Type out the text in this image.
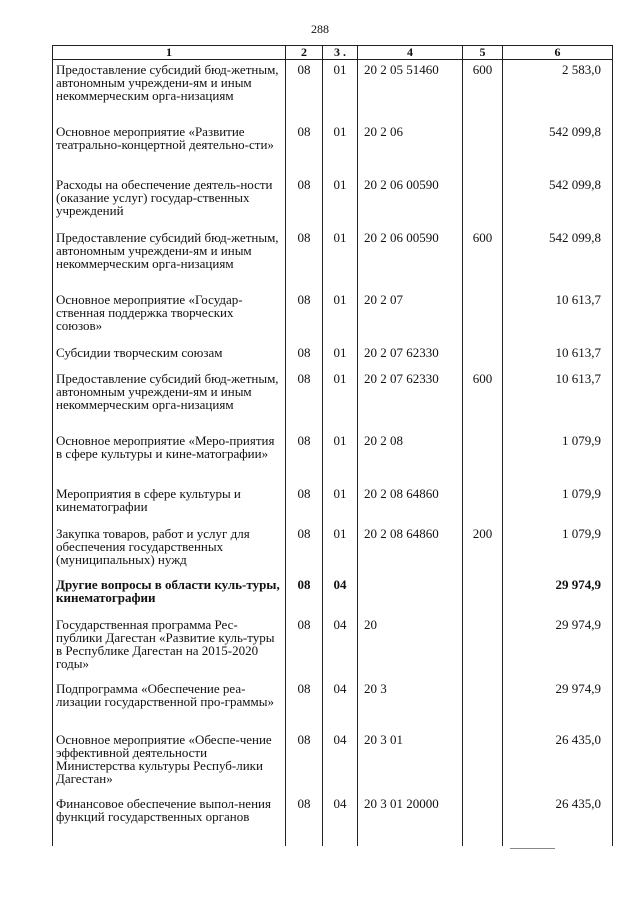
288
1	2	3 .	4	5	6
Предоставление субсидий бюд-жетным, автономным учреждени-ям и иным некоммерческим орга-низациям	08	01	20 2 05 51460	600	2 583,0
Основное мероприятие «Развитие театрально-концертной деятельно-сти»	08	01	20 2 06		542 099,8
Расходы на обеспечение деятель-ности (оказание услуг) государ-ственных учреждений	08	01	20 2 06 00590		542 099,8
Предоставление субсидий бюд-жетным, автономным учреждени-ям и иным некоммерческим орга-низациям	08	01	20 2 06 00590	600	542 099,8
Основное мероприятие «Государ-ственная поддержка творческих союзов»	08	01	20 2 07		10 613,7
Субсидии творческим союзам	08	01	20 2 07 62330		10 613,7
Предоставление субсидий бюд-жетным, автономным учреждени-ям и иным некоммерческим орга-низациям	08	01	20 2 07 62330	600	10 613,7
Основное мероприятие «Меро-приятия в сфере культуры и кине-матографии»	08	01	20 2 08		1 079,9
Мероприятия в сфере культуры и кинематографии	08	01	20 2 08 64860		1 079,9
Закупка товаров, работ и услуг для обеспечения государственных (муниципальных) нужд	08	01	20 2 08 64860	200	1 079,9
Другие вопросы в области куль-туры, кинематографии	08	04			29 974,9
Государственная программа Рес-публики Дагестан «Развитие куль-туры в Республике Дагестан на 2015-2020 годы»	08	04	20		29 974,9
Подпрограмма «Обеспечение реа-лизации государственной про-граммы»	08	04	20 3		29 974,9
Основное мероприятие «Обеспе-чение эффективной деятельности Министерства культуры Респуб-лики Дагестан»	08	04	20 3 01		26 435,0
Финансовое обеспечение выпол-нения функций государственных органов	08	04	20 3 01 20000		26 435,0
